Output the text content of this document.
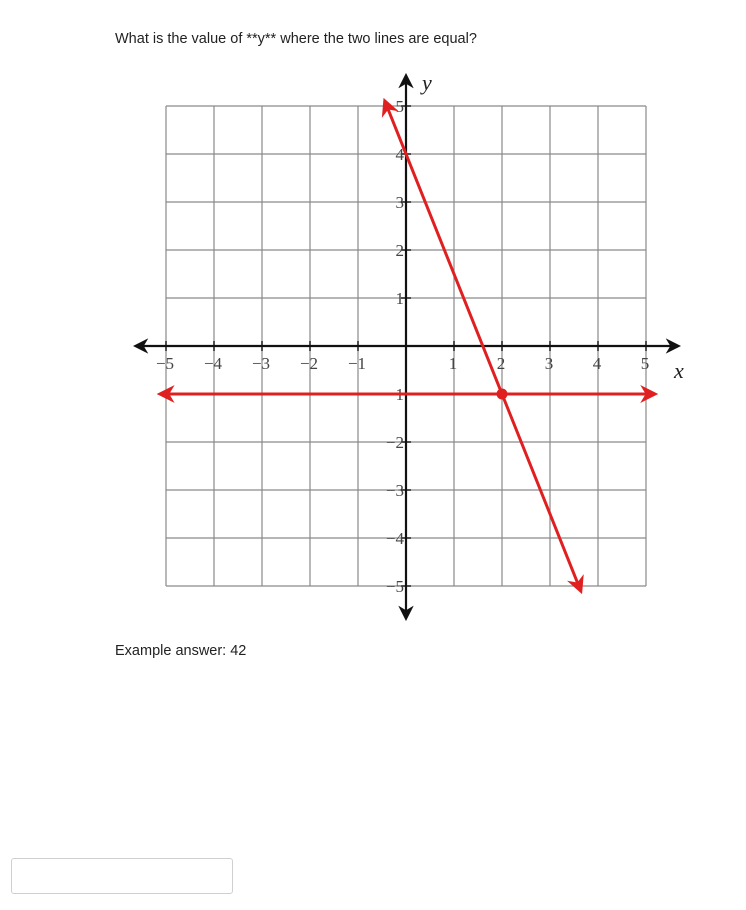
What is the value of **y** where the two lines are equal?

−5 −4 −3 −2 −1	1 2 3 4 5
5
4
3
2
1
−1
−2
−3
−4
−5
x
y

Example answer: 42
